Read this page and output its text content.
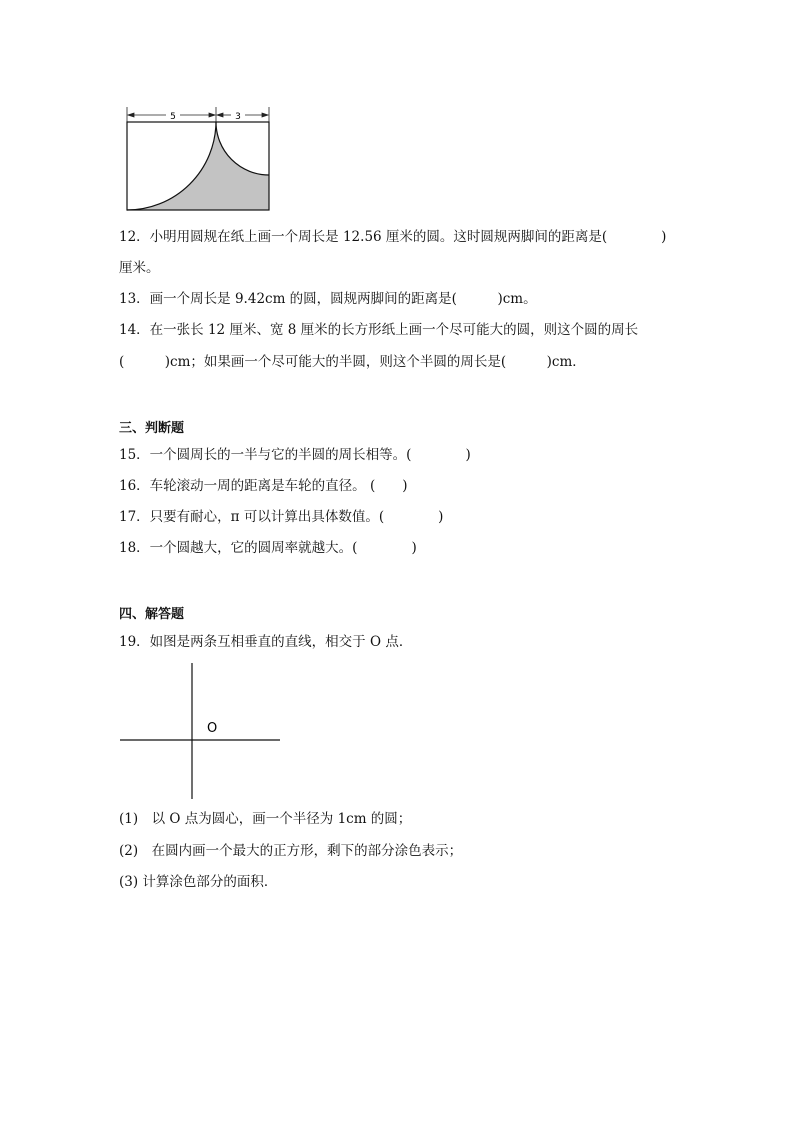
5	3
12．小明用圆规在纸上画一个周长是 12.56 厘米的圆。这时圆规两脚间的距离是(　　　　)
厘米。
13．画一个周长是 9.42cm 的圆，圆规两脚间的距离是(　　　)cm。
14．在一张长 12 厘米、宽 8 厘米的长方形纸上画一个尽可能大的圆，则这个圆的周长
(　　　)cm；如果画一个尽可能大的半圆，则这个半圆的周长是(　　　)cm．
三、判断题
15．一个圆周长的一半与它的半圆的周长相等。(　　　　)
16．车轮滚动一周的距离是车轮的直径。 (　　)
17．只要有耐心，π 可以计算出具体数值。(　　　　)
18．一个圆越大，它的圆周率就越大。(　　　　)
四、解答题
19．如图是两条互相垂直的直线，相交于 O 点．
O
(1)　以 O 点为圆心，画一个半径为 1cm 的圆；
(2)　在圆内画一个最大的正方形，剩下的部分涂色表示；
(3) 计算涂色部分的面积．
